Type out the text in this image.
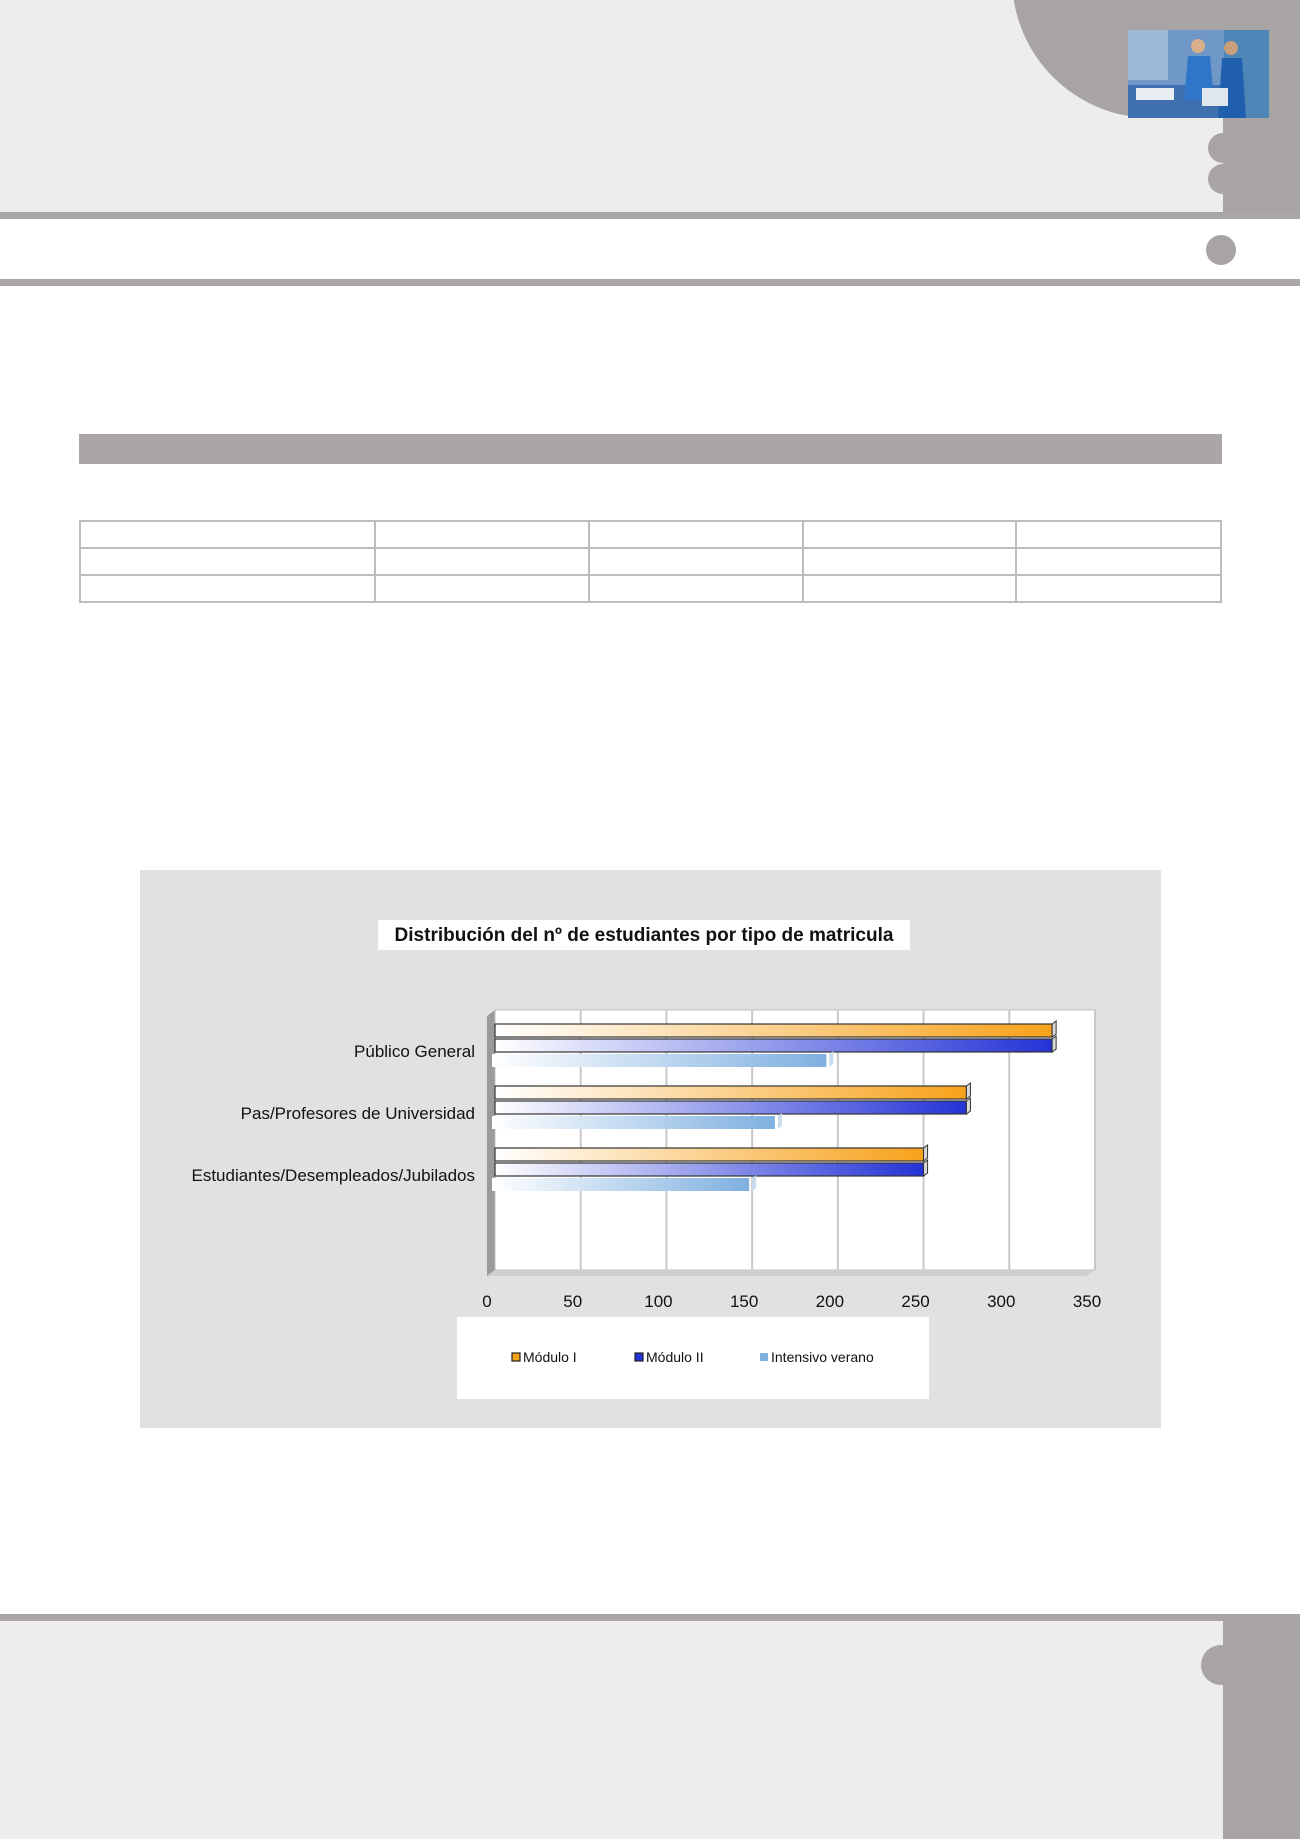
Distribución del nº de estudiantes por tipo de matricula
0	50	100	150	200	250	300	350
Público General
Pas/Profesores de Universidad
Estudiantes/Desempleados/Jubilados
Módulo I	Módulo II	Intensivo verano
